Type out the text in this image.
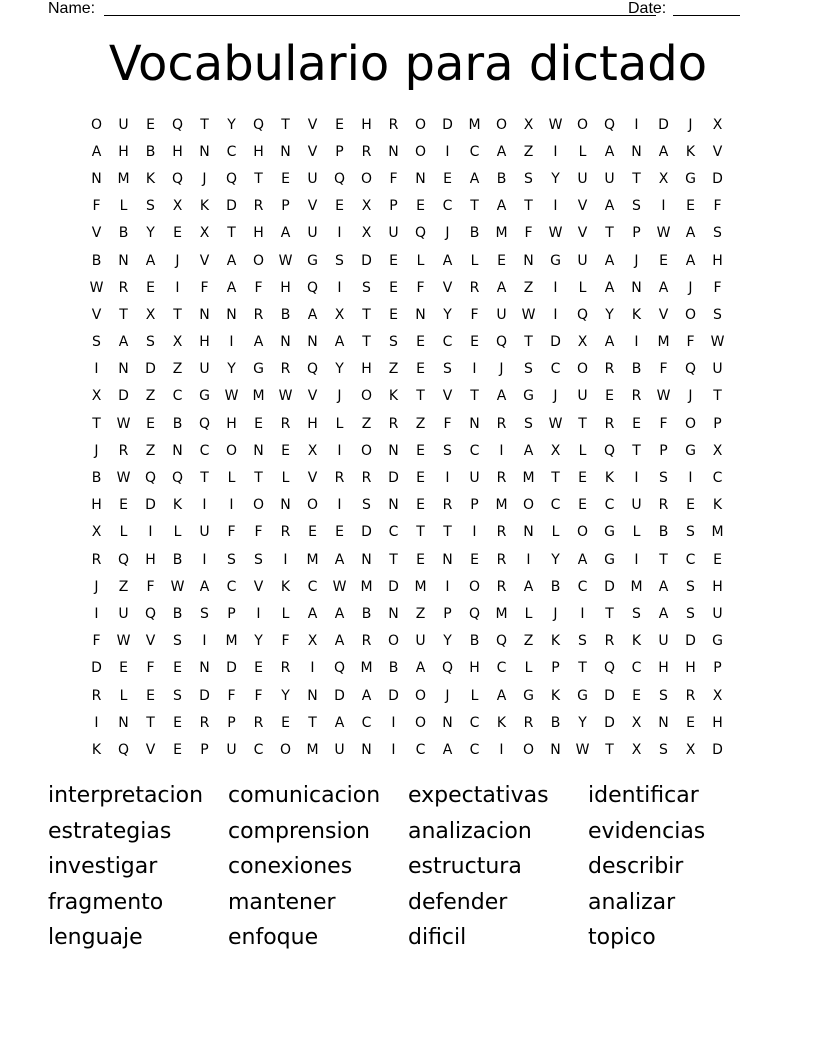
Name:	Date:
Vocabulario para dictado
O	U	E	Q	T	Y	Q	T	V	E	H	R	O	D	M	O	X	W	O	Q	I	D	J	X
A	H	B	H	N	C	H	N	V	P	R	N	O	I	C	A	Z	I	L	A	N	A	K	V
N	M	K	Q	J	Q	T	E	U	Q	O	F	N	E	A	B	S	Y	U	U	T	X	G	D
F	L	S	X	K	D	R	P	V	E	X	P	E	C	T	A	T	I	V	A	S	I	E	F
V	B	Y	E	X	T	H	A	U	I	X	U	Q	J	B	M	F	W	V	T	P	W	A	S
B	N	A	J	V	A	O	W	G	S	D	E	L	A	L	E	N	G	U	A	J	E	A	H
W	R	E	I	F	A	F	H	Q	I	S	E	F	V	R	A	Z	I	L	A	N	A	J	F
V	T	X	T	N	N	R	B	A	X	T	E	N	Y	F	U	W	I	Q	Y	K	V	O	S
S	A	S	X	H	I	A	N	N	A	T	S	E	C	E	Q	T	D	X	A	I	M	F	W
I	N	D	Z	U	Y	G	R	Q	Y	H	Z	E	S	I	J	S	C	O	R	B	F	Q	U
X	D	Z	C	G	W	M	W	V	J	O	K	T	V	T	A	G	J	U	E	R	W	J	T
T	W	E	B	Q	H	E	R	H	L	Z	R	Z	F	N	R	S	W	T	R	E	F	O	P
J	R	Z	N	C	O	N	E	X	I	O	N	E	S	C	I	A	X	L	Q	T	P	G	X
B	W	Q	Q	T	L	T	L	V	R	R	D	E	I	U	R	M	T	E	K	I	S	I	C
H	E	D	K	I	I	O	N	O	I	S	N	E	R	P	M	O	C	E	C	U	R	E	K
X	L	I	L	U	F	F	R	E	E	D	C	T	T	I	R	N	L	O	G	L	B	S	M
R	Q	H	B	I	S	S	I	M	A	N	T	E	N	E	R	I	Y	A	G	I	T	C	E
J	Z	F	W	A	C	V	K	C	W	M	D	M	I	O	R	A	B	C	D	M	A	S	H
I	U	Q	B	S	P	I	L	A	A	B	N	Z	P	Q	M	L	J	I	T	S	A	S	U
F	W	V	S	I	M	Y	F	X	A	R	O	U	Y	B	Q	Z	K	S	R	K	U	D	G
D	E	F	E	N	D	E	R	I	Q	M	B	A	Q	H	C	L	P	T	Q	C	H	H	P
R	L	E	S	D	F	F	Y	N	D	A	D	O	J	L	A	G	K	G	D	E	S	R	X
I	N	T	E	R	P	R	E	T	A	C	I	O	N	C	K	R	B	Y	D	X	N	E	H
K	Q	V	E	P	U	C	O	M	U	N	I	C	A	C	I	O	N	W	T	X	S	X	D
interpretacion	comunicacion	expectativas	identificar
estrategias	comprension	analizacion	evidencias
investigar	conexiones	estructura	describir
fragmento	mantener	defender	analizar
lenguaje	enfoque	dificil	topico
